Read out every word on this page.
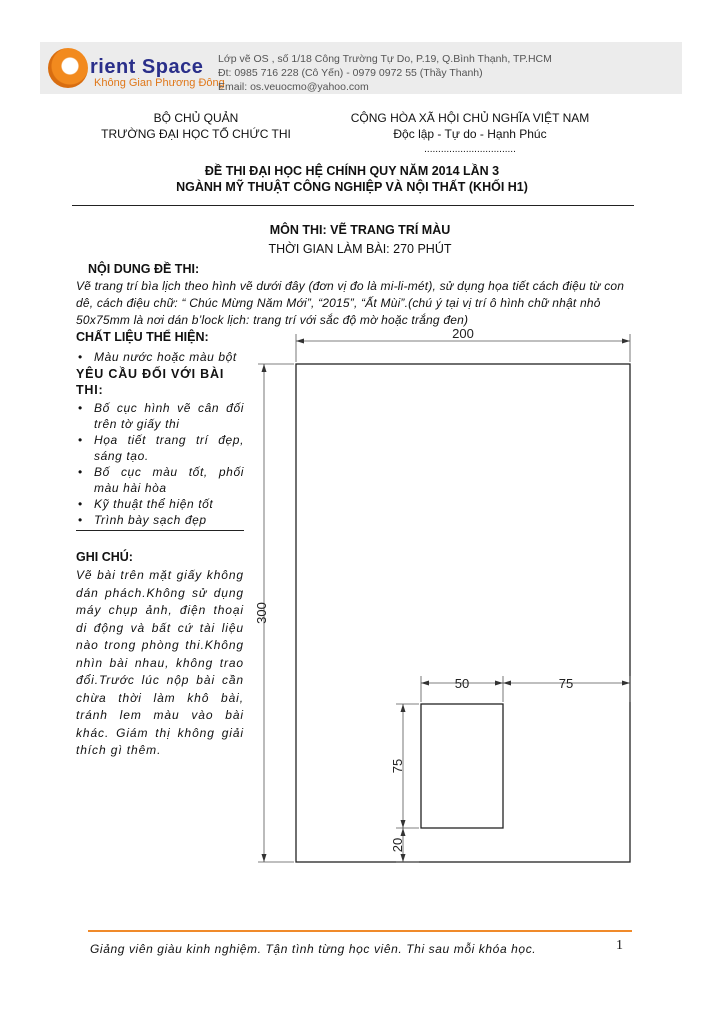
rient Space
Không Gian Phương Đông
Lớp vẽ OS , số 1/18 Công Trường Tự Do, P.19, Q.Bình Thạnh, TP.HCM
Đt: 0985 716 228 (Cô Yến) - 0979 0972 55 (Thầy Thanh)
Email: os.veuocmo@yahoo.com
BỘ CHỦ QUẢN
TRƯỜNG ĐẠI HỌC TỔ CHỨC THI
CỘNG HÒA XÃ HỘI CHỦ NGHĨA VIỆT NAM
Độc lập - Tự do - Hạnh Phúc
.................................
ĐỀ THI ĐẠI HỌC HỆ CHÍNH QUY NĂM 2014 LẦN 3
NGÀNH MỸ THUẬT CÔNG NGHIỆP VÀ NỘI THẤT (KHỐI H1)
MÔN THI: VẼ TRANG TRÍ MÀU
THỜI GIAN LÀM BÀI: 270 PHÚT
NỘI DUNG ĐỀ THI:
Vẽ trang trí bìa lịch theo hình vẽ dưới đây (đơn vị đo là mi-li-mét), sử dụng họa tiết cách điệu từ con dê, cách điệu chữ: “ Chúc Mừng Năm Mới”, “2015”, “Ất Mùi”.(chú ý tại vị trí ô hình chữ nhật nhỏ 50x75mm là nơi dán b’lock lịch: trang trí với sắc độ mờ hoặc trắng đen)
CHẤT LIỆU THỂ HIỆN:
• Màu nước hoặc màu bột
YÊU CẦU ĐỐI VỚI BÀI THI:
• Bố cục hình vẽ cân đối trên tờ giấy thi
• Họa tiết trang trí đẹp, sáng tạo.
• Bố cục màu tốt, phối màu hài hòa
• Kỹ thuật thể hiện tốt
• Trình bày sạch đẹp
GHI CHÚ:
Vẽ bài trên mặt giấy không dán phách.Không sử dụng máy chụp ảnh, điện thoại di động và bất cứ tài liệu nào trong phòng thi.Không nhìn bài nhau, không trao đổi.Trước lúc nộp bài cần chừa thời làm khô bài, tránh lem màu vào bài khác. Giám thị không giải thích gì thêm.
200
300
50	75
75
20
Giảng viên giàu kinh nghiệm. Tận tình từng học viên. Thi sau mỗi khóa học.	1
